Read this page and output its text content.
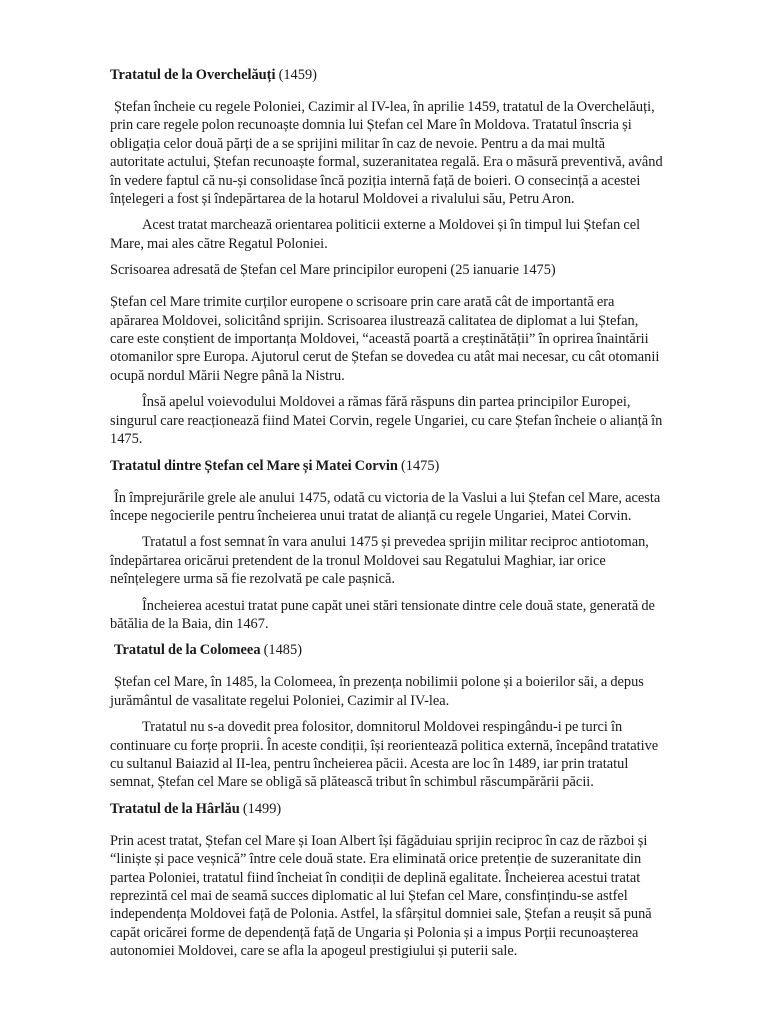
Tratatul de la Overchelăuți (1459)
Ștefan încheie cu regele Poloniei, Cazimir al IV-lea, în aprilie 1459, tratatul de la Overchelăuți,
prin care regele polon recunoaște domnia lui Ștefan cel Mare în Moldova. Tratatul înscria și
obligația celor două părți de a se sprijini militar în caz de nevoie. Pentru a da mai multă
autoritate actului, Ștefan recunoaște formal, suzeranitatea regală. Era o măsură preventivă, având
în vedere faptul că nu-și consolidase încă poziția internă față de boieri. O consecință a acestei
înțelegeri a fost și îndepărtarea de la hotarul Moldovei a rivalului său, Petru Aron.
Acest tratat marchează orientarea politicii externe a Moldovei și în timpul lui Ștefan cel
Mare, mai ales către Regatul Poloniei.
Scrisoarea adresată de Ștefan cel Mare principilor europeni (25 ianuarie 1475)
Ștefan cel Mare trimite curților europene o scrisoare prin care arată cât de importantă era
apărarea Moldovei, solicitând sprijin. Scrisoarea ilustrează calitatea de diplomat a lui Ștefan,
care este conștient de importanța Moldovei, “această poartă a creștinătății” în oprirea înaintării
otomanilor spre Europa. Ajutorul cerut de Ștefan se dovedea cu atât mai necesar, cu cât otomanii
ocupă nordul Mării Negre până la Nistru.
Însă apelul voievodului Moldovei a rămas fără răspuns din partea principilor Europei,
singurul care reacționează fiind Matei Corvin, regele Ungariei, cu care Ștefan încheie o alianță în
1475.
Tratatul dintre Ștefan cel Mare și Matei Corvin (1475)
În împrejurările grele ale anului 1475, odată cu victoria de la Vaslui a lui Ștefan cel Mare, acesta
începe negocierile pentru încheierea unui tratat de alianță cu regele Ungariei, Matei Corvin.
Tratatul a fost semnat în vara anului 1475 și prevedea sprijin militar reciproc antiotoman,
îndepărtarea oricărui pretendent de la tronul Moldovei sau Regatului Maghiar, iar orice
neînțelegere urma să fie rezolvată pe cale pașnică.
Încheierea acestui tratat pune capăt unei stări tensionate dintre cele două state, generată de
bătălia de la Baia, din 1467.
Tratatul de la Colomeea (1485)
Ștefan cel Mare, în 1485, la Colomeea, în prezența nobilimii polone și a boierilor săi, a depus
jurământul de vasalitate regelui Poloniei, Cazimir al IV-lea.
Tratatul nu s-a dovedit prea folositor, domnitorul Moldovei respingându-i pe turci în
continuare cu forțe proprii. În aceste condiții, își reorientează politica externă, începând tratative
cu sultanul Baiazid al II-lea, pentru încheierea păcii. Acesta are loc în 1489, iar prin tratatul
semnat, Ștefan cel Mare se obligă să plătească tribut în schimbul răscumpărării păcii.
Tratatul de la Hârlău (1499)
Prin acest tratat, Ștefan cel Mare și Ioan Albert își făgăduiau sprijin reciproc în caz de război și
“liniște și pace veșnică” între cele două state. Era eliminată orice pretenție de suzeranitate din
partea Poloniei, tratatul fiind încheiat în condiții de deplină egalitate. Încheierea acestui tratat
reprezintă cel mai de seamă succes diplomatic al lui Ștefan cel Mare, consfințindu-se astfel
independența Moldovei față de Polonia. Astfel, la sfârșitul domniei sale, Ștefan a reușit să pună
capăt oricărei forme de dependență față de Ungaria și Polonia și a impus Porții recunoașterea
autonomiei Moldovei, care se afla la apogeul prestigiului și puterii sale.
